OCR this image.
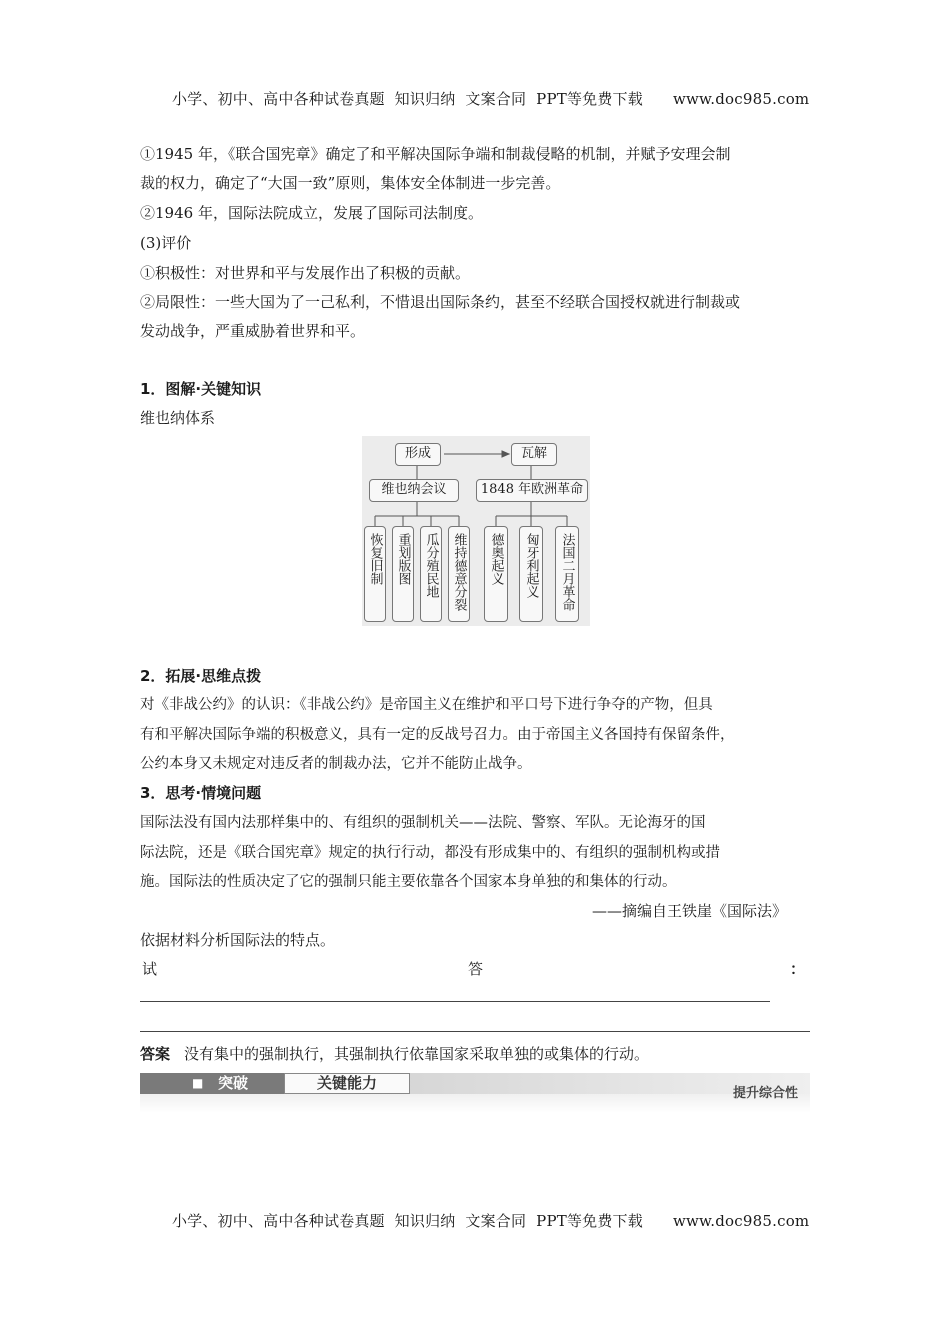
小学、初中、高中各种试卷真题  知识归纳  文案合同  PPT等免费下载 www.doc985.com

①1945 年，《联合国宪章》确定了和平解决国际争端和制裁侵略的机制，并赋予安理会制
裁的权力，确定了“大国一致”原则，集体安全体制进一步完善。
②1946 年，国际法院成立，发展了国际司法制度。
(3)评价
①积极性：对世界和平与发展作出了积极的贡献。
②局限性：一些大国为了一己私利，不惜退出国际条约，甚至不经联合国授权就进行制裁或
发动战争，严重威胁着世界和平。
1．图解·关键知识
维也纳体系
形成	瓦解
维也纳会议	1848 年欧洲革命
恢复旧制 重划版图 瓜分殖民地 维持德意分裂 德奥起义 匈牙利起义 法国二月革命
2．拓展·思维点拨
对《非战公约》的认识：《非战公约》是帝国主义在维护和平口号下进行争夺的产物，但具
有和平解决国际争端的积极意义，具有一定的反战号召力。由于帝国主义各国持有保留条件，
公约本身又未规定对违反者的制裁办法，它并不能防止战争。
3．思考·情境问题
国际法没有国内法那样集中的、有组织的强制机关——法院、警察、军队。无论海牙的国
际法院，还是《联合国宪章》规定的执行行动，都没有形成集中的、有组织的强制机构或措
施。国际法的性质决定了它的强制只能主要依靠各个国家本身单独的和集体的行动。
——摘编自王铁崖《国际法》
依据材料分析国际法的特点。
试	答	：
答案 没有集中的强制执行，其强制执行依靠国家采取单独的或集体的行动。
■ 突破	关键能力
提升综合性

小学、初中、高中各种试卷真题  知识归纳  文案合同  PPT等免费下载 www.doc985.com
